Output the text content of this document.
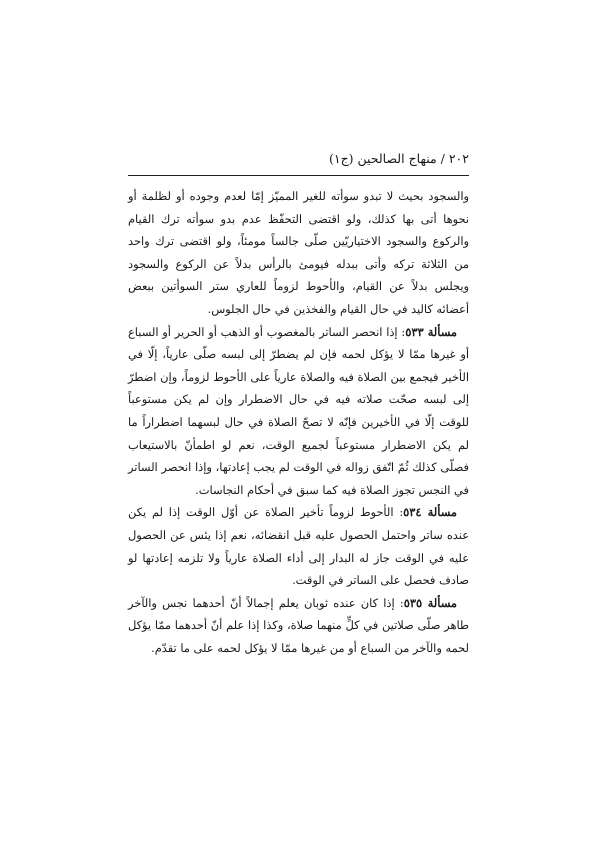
٢٠٢ / منهاج الصالحين (ج١)

والسجود بحيث لا تبدو سوأته للغير المميّز إمّا لعدم وجوده أو لظلمة أو نحوها أتى بها كذلك، ولو اقتضى التحفّظ عدم بدو سوأته ترك القيام والركوع والسجود الاختياريّين صلّى جالساً مومئاً، ولو اقتضى ترك واحد من الثلاثة تركه وأتى ببدله فيومئ بالرأس بدلاً عن الركوع والسجود ويجلس بدلاً عن القيام، والأحوط لزوماً للعاري ستر السوأتين ببعض أعضائه كاليد في حال القيام والفخذين في حال الجلوس.

مسألة ٥٣٣: إذا انحصر الساتر بالمغصوب أو الذهب أو الحرير أو السباع أو غيرها ممّا لا يؤكل لحمه فإن لم يضطرّ إلى لبسه صلّى عارياً، إلّا في الأخير فيجمع بين الصلاة فيه والصلاة عارياً على الأحوط لزوماً، وإن اضطرّ إلى لبسه صحّت صلاته فيه في حال الاضطرار وإن لم يكن مستوعباً للوقت إلّا في الأخيرين فإنّه لا تصحّ الصلاة في حال لبسهما اضطراراً ما لم يكن الاضطرار مستوعباً لجميع الوقت، نعم لو اطمأنّ بالاستيعاب فصلّى كذلك ثُمّ اتّفق زواله في الوقت لم يجب إعادتها، وإذا انحصر الساتر في النجس تجوز الصلاة فيه كما سبق في أحكام النجاسات.

مسألة ٥٣٤: الأحوط لزوماً تأخير الصلاة عن أوّل الوقت إذا لم يكن عنده ساتر واحتمل الحصول عليه قبل انقضائه، نعم إذا يئس عن الحصول عليه في الوقت جاز له البدار إلى أداء الصلاة عارياً ولا تلزمه إعادتها لو صادف فحصل على الساتر في الوقت.

مسألة ٥٣٥: إذا كان عنده ثوبان يعلم إجمالاً أنّ أحدهما نجس والآخر طاهر صلّى صلاتين في كلٍّ منهما صلاة، وكذا إذا علم أنّ أحدهما ممّا يؤكل لحمه والآخر من السباع أو من غيرها ممّا لا يؤكل لحمه على ما تقدّم.
